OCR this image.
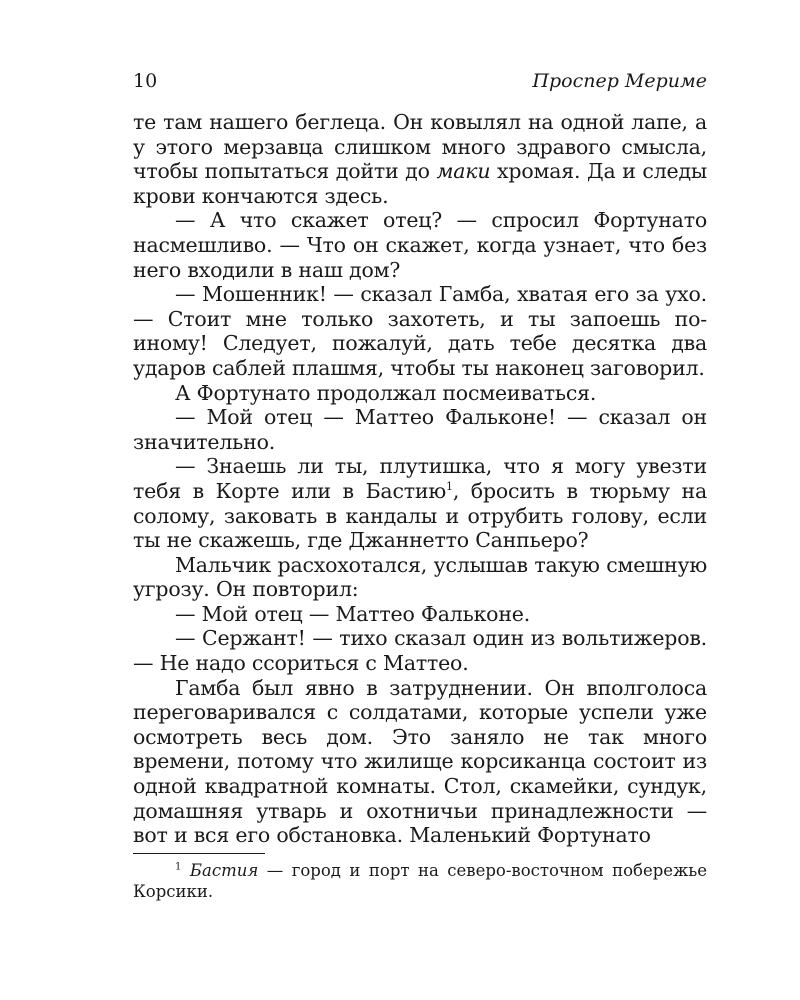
10	Проспер Мериме

те там нашего беглеца. Он ковылял на одной лапе, а у этого мерзавца слишком много здравого смысла, чтобы попытаться дойти до маки хромая. Да и следы крови кончаются здесь.

— А что скажет отец? — спросил Фортунато насмешливо. — Что он скажет, когда узнает, что без него входили в наш дом?

— Мошенник! — сказал Гамба, хватая его за ухо. — Стоит мне только захотеть, и ты запоешь по-иному! Следует, пожалуй, дать тебе десятка два ударов саблей плашмя, чтобы ты наконец заговорил.

А Фортунато продолжал посмеиваться.

— Мой отец — Маттео Фальконе! — сказал он значительно.

— Знаешь ли ты, плутишка, что я могу увезти тебя в Корте или в Бастию$^1$, бросить в тюрьму на солому, заковать в кандалы и отрубить голову, если ты не скажешь, где Джаннетто Санпьеро?

Мальчик расхохотался, услышав такую смешную угрозу. Он повторил:

— Мой отец — Маттео Фальконе.

— Сержант! — тихо сказал один из вольтижеров. — Не надо ссориться с Маттео.

Гамба был явно в затруднении. Он вполголоса переговаривался с солдатами, которые успели уже осмотреть весь дом. Это заняло не так много времени, потому что жилище корсиканца состоит из одной квадратной комнаты. Стол, скамейки, сундук, домашняя утварь и охотничьи принадлежности — вот и вся его обстановка. Маленький Фортунато

$^1$ Бастия — город и порт на северо-восточном побережье Корсики.
